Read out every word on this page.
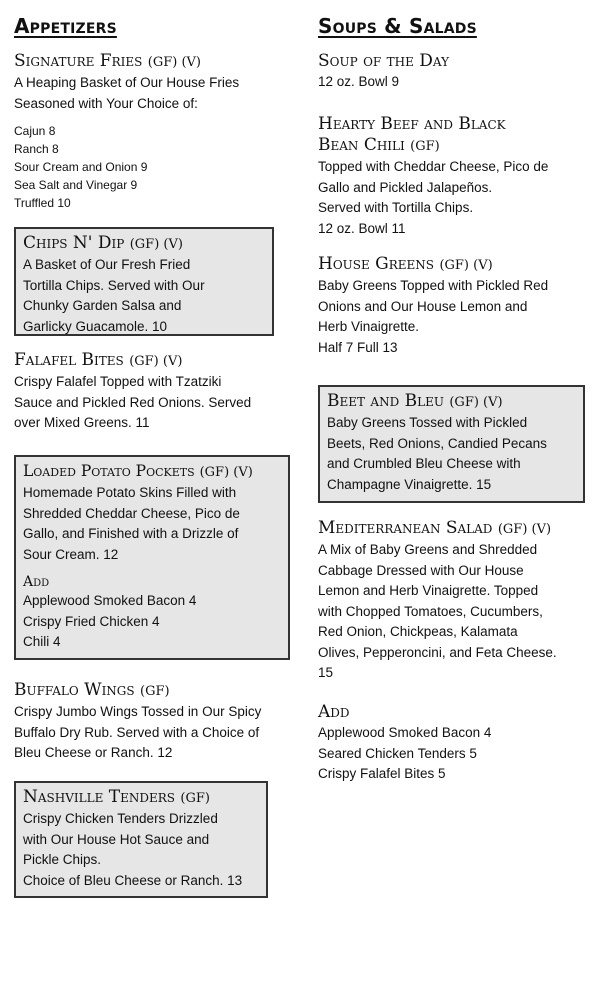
Appetizers

Signature Fries (GF) (V)

A Heaping Basket of Our House Fries
Seasoned with Your Choice of:

Cajun 8
Ranch 8
Sour Cream and Onion 9
Sea Salt and Vinegar 9
Truffled 10

Chips N' Dip (GF) (V)

A Basket of Our Fresh Fried
Tortilla Chips. Served with Our
Chunky Garden Salsa and
Garlicky Guacamole. 10

Falafel Bites (GF) (V)

Crispy Falafel Topped with Tzatziki
Sauce and Pickled Red Onions. Served
over Mixed Greens. 11

Loaded Potato Pockets (GF) (V)

Homemade Potato Skins Filled with
Shredded Cheddar Cheese, Pico de
Gallo, and Finished with a Drizzle of
Sour Cream. 12

Add
Applewood Smoked Bacon 4
Crispy Fried Chicken 4
Chili 4

Buffalo Wings (GF)

Crispy Jumbo Wings Tossed in Our Spicy
Buffalo Dry Rub. Served with a Choice of
Bleu Cheese or Ranch. 12

Nashville Tenders (GF)

Crispy Chicken Tenders Drizzled
with Our House Hot Sauce and
Pickle Chips.
Choice of Bleu Cheese or Ranch. 13

Soups & Salads

Soup of the Day

12 oz. Bowl 9

Hearty Beef and Black
Bean Chili (GF)

Topped with Cheddar Cheese, Pico de
Gallo and Pickled Jalapeños.
Served with Tortilla Chips.
12 oz. Bowl 11

House Greens (GF) (V)

Baby Greens Topped with Pickled Red
Onions and Our House Lemon and
Herb Vinaigrette.
Half 7 Full 13

Beet and Bleu (GF) (V)

Baby Greens Tossed with Pickled
Beets, Red Onions, Candied Pecans
and Crumbled Bleu Cheese with
Champagne Vinaigrette. 15

Mediterranean Salad (GF) (V)

A Mix of Baby Greens and Shredded
Cabbage Dressed with Our House
Lemon and Herb Vinaigrette. Topped
with Chopped Tomatoes, Cucumbers,
Red Onion, Chickpeas, Kalamata
Olives, Pepperoncini, and Feta Cheese.
15

Add

Applewood Smoked Bacon 4
Seared Chicken Tenders 5
Crispy Falafel Bites 5
